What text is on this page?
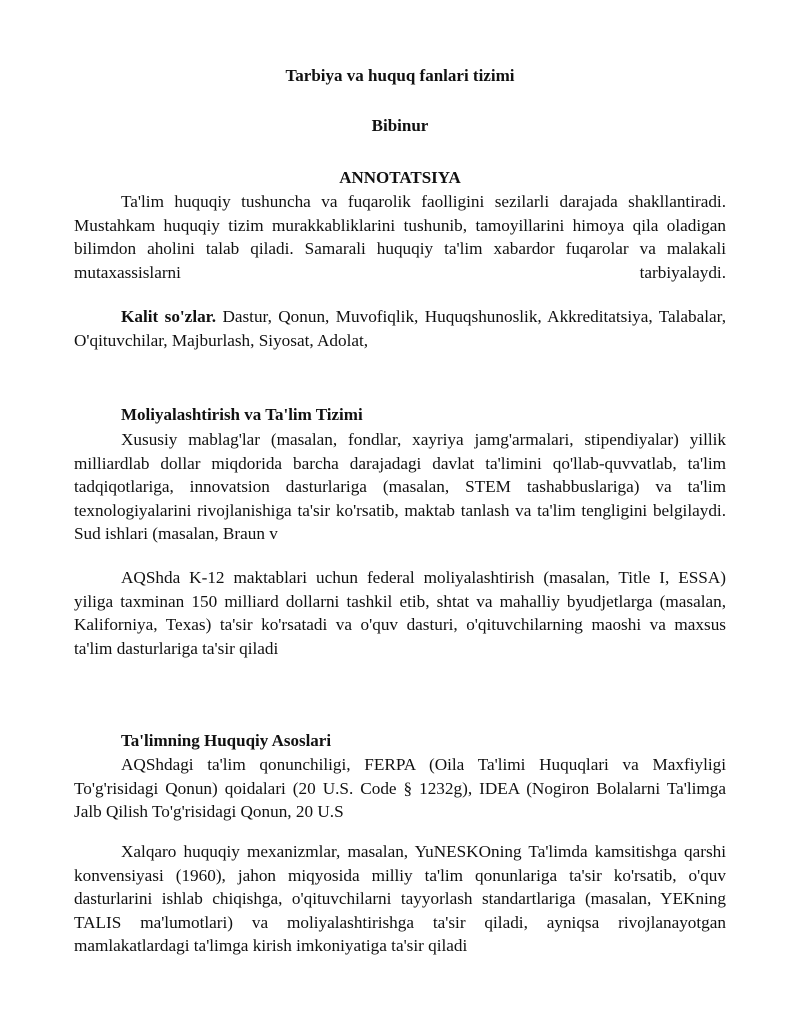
Tarbiya va huquq fanlari tizimi
Bibinur
ANNOTATSIYA

Ta'lim huquqiy tushuncha va fuqarolik faolligini sezilarli darajada shakllantiradi. Mustahkam huquqiy tizim murakkabliklarini tushunib, tamoyillarini himoya qila oladigan bilimdon aholini talab qiladi. Samarali huquqiy ta'lim xabardor fuqarolar va malakali mutaxassislarni tarbiyalaydi.

Kalit so'zlar. Dastur, Qonun, Muvofiqlik, Huquqshunoslik, Akkreditatsiya, Talabalar, O'qituvchilar, Majburlash, Siyosat, Adolat,

Moliyalashtirish va Ta'lim Tizimi

Xususiy mablag'lar (masalan, fondlar, xayriya jamg'armalari, stipendiyalar) yillik milliardlab dollar miqdorida barcha darajadagi davlat ta'limini qo'llab-quvvatlab, ta'lim tadqiqotlariga, innovatsion dasturlariga (masalan, STEM tashabbuslariga) va ta'lim texnologiyalarini rivojlanishiga ta'sir ko'rsatib, maktab tanlash va ta'lim tengligini belgilaydi. Sud ishlari (masalan, Braun v

AQShda K-12 maktablari uchun federal moliyalashtirish (masalan, Title I, ESSA) yiliga taxminan 150 milliard dollarni tashkil etib, shtat va mahalliy byudjetlarga (masalan, Kaliforniya, Texas) ta'sir ko'rsatadi va o'quv dasturi, o'qituvchilarning maoshi va maxsus ta'lim dasturlariga ta'sir qiladi

Ta'limning Huquqiy Asoslari

AQShdagi ta'lim qonunchiligi, FERPA (Oila Ta'limi Huquqlari va Maxfiyligi To'g'risidagi Qonun) qoidalari (20 U.S. Code § 1232g), IDEA (Nogiron Bolalarni Ta'limga Jalb Qilish To'g'risidagi Qonun, 20 U.S

Xalqaro huquqiy mexanizmlar, masalan, YuNESKOning Ta'limda kamsitishga qarshi konvensiyasi (1960), jahon miqyosida milliy ta'lim qonunlariga ta'sir ko'rsatib, o'quv dasturlarini ishlab chiqishga, o'qituvchilarni tayyorlash standartlariga (masalan, YEKning TALIS ma'lumotlari) va moliyalashtirishga ta'sir qiladi, ayniqsa rivojlanayotgan mamlakatlardagi ta'limga kirish imkoniyatiga ta'sir qiladi
